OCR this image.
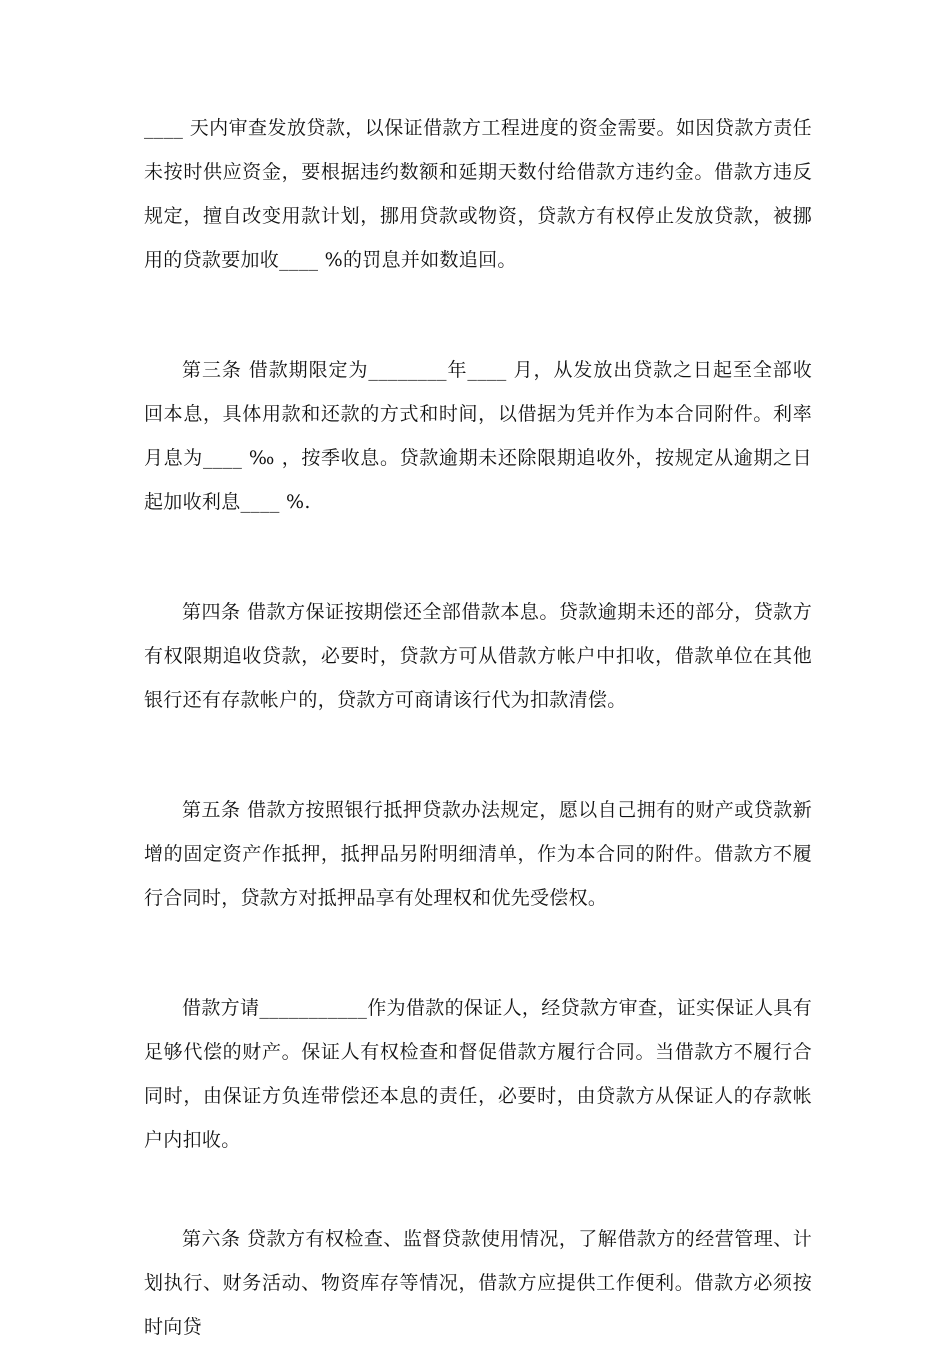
____ 天内审查发放贷款，以保证借款方工程进度的资金需要。如因贷款方责任未按时供应资金，要根据违约数额和延期天数付给借款方违约金。借款方违反规定，擅自改变用款计划，挪用贷款或物资，贷款方有权停止发放贷款，被挪用的贷款要加收____ %的罚息并如数追回。

第三条 借款期限定为________年____ 月，从发放出贷款之日起至全部收回本息，具体用款和还款的方式和时间，以借据为凭并作为本合同附件。利率月息为____ ‰ ，按季收息。贷款逾期未还除限期追收外，按规定从逾期之日起加收利息____ %.

第四条 借款方保证按期偿还全部借款本息。贷款逾期未还的部分，贷款方有权限期追收贷款，必要时，贷款方可从借款方帐户中扣收，借款单位在其他银行还有存款帐户的，贷款方可商请该行代为扣款清偿。

第五条 借款方按照银行抵押贷款办法规定，愿以自己拥有的财产或贷款新增的固定资产作抵押，抵押品另附明细清单，作为本合同的附件。借款方不履行合同时，贷款方对抵押品享有处理权和优先受偿权。

借款方请___________作为借款的保证人，经贷款方审查，证实保证人具有足够代偿的财产。保证人有权检查和督促借款方履行合同。当借款方不履行合同时，由保证方负连带偿还本息的责任，必要时，由贷款方从保证人的存款帐户内扣收。

第六条 贷款方有权检查、监督贷款使用情况，了解借款方的经营管理、计划执行、财务活动、物资库存等情况，借款方应提供工作便利。借款方必须按时向贷
